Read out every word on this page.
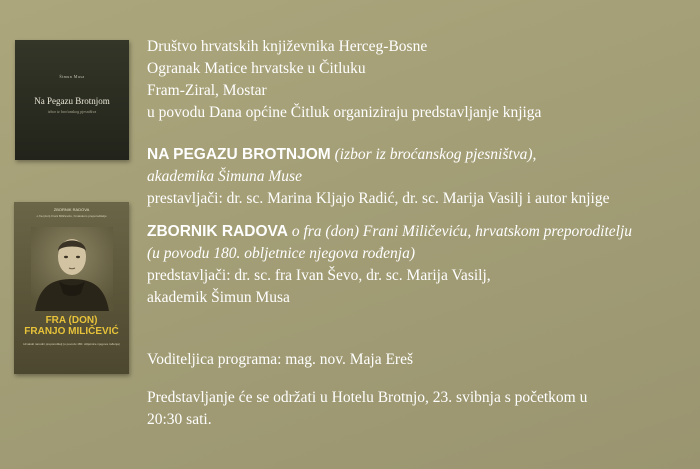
Šimun Musa
Na Pegazu Brotnjom
izbor iz broćanskog pjesništva
ZBORNIK RADOVA
o fra (don) Frani Miličeviću, hrvatskom preporoditelju
FRA (DON)
FRANJO MILIČEVIĆ
Hrvatski narodni preporoditelj (u povodu 180. obljetnice njegova rođenja)

Društvo hrvatskih književnika Herceg-Bosne

Ogranak Matice hrvatske u Čitluku

Fram-Ziral, Mostar

u povodu Dana općine Čitluk organiziraju predstavljanje knjiga

NA PEGAZU BROTNJOM (izbor iz broćanskog pjesništva),

akademika Šimuna Muse

prestavljači: dr. sc. Marina Kljajo Radić, dr. sc. Marija Vasilj i autor knjige

ZBORNIK RADOVA o fra (don) Frani Miličeviću, hrvatskom preporoditelju

(u povodu 180. obljetnice njegova rođenja)

predstavljači: dr. sc. fra Ivan Ševo, dr. sc. Marija Vasilj,

akademik Šimun Musa

Voditeljica programa: mag. nov. Maja Ereš

Predstavljanje će se održati u Hotelu Brotnjo, 23. svibnja s početkom u

20:30 sati.
